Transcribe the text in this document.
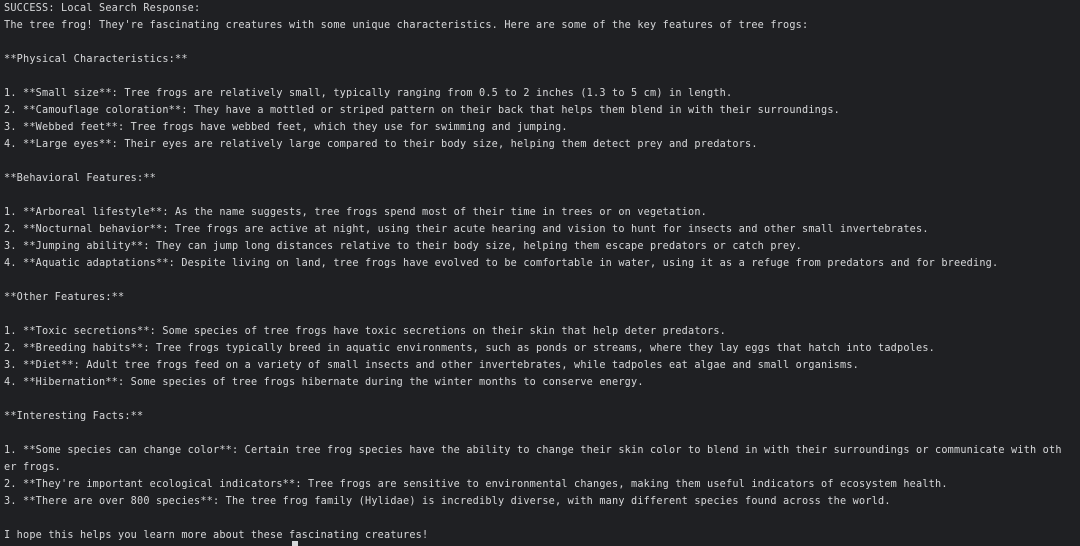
SUCCESS: Local Search Response:
The tree frog! They're fascinating creatures with some unique characteristics. Here are some of the key features of tree frogs:
**Physical Characteristics:**
1. **Small size**: Tree frogs are relatively small, typically ranging from 0.5 to 2 inches (1.3 to 5 cm) in length.
2. **Camouflage coloration**: They have a mottled or striped pattern on their back that helps them blend in with their surroundings.
3. **Webbed feet**: Tree frogs have webbed feet, which they use for swimming and jumping.
4. **Large eyes**: Their eyes are relatively large compared to their body size, helping them detect prey and predators.
**Behavioral Features:**
1. **Arboreal lifestyle**: As the name suggests, tree frogs spend most of their time in trees or on vegetation.
2. **Nocturnal behavior**: Tree frogs are active at night, using their acute hearing and vision to hunt for insects and other small invertebrates.
3. **Jumping ability**: They can jump long distances relative to their body size, helping them escape predators or catch prey.
4. **Aquatic adaptations**: Despite living on land, tree frogs have evolved to be comfortable in water, using it as a refuge from predators and for breeding.
**Other Features:**
1. **Toxic secretions**: Some species of tree frogs have toxic secretions on their skin that help deter predators.
2. **Breeding habits**: Tree frogs typically breed in aquatic environments, such as ponds or streams, where they lay eggs that hatch into tadpoles.
3. **Diet**: Adult tree frogs feed on a variety of small insects and other invertebrates, while tadpoles eat algae and small organisms.
4. **Hibernation**: Some species of tree frogs hibernate during the winter months to conserve energy.
**Interesting Facts:**
1. **Some species can change color**: Certain tree frog species have the ability to change their skin color to blend in with their surroundings or communicate with oth
er frogs.
2. **They're important ecological indicators**: Tree frogs are sensitive to environmental changes, making them useful indicators of ecosystem health.
3. **There are over 800 species**: The tree frog family (Hylidae) is incredibly diverse, with many different species found across the world.
I hope this helps you learn more about these fascinating creatures!
